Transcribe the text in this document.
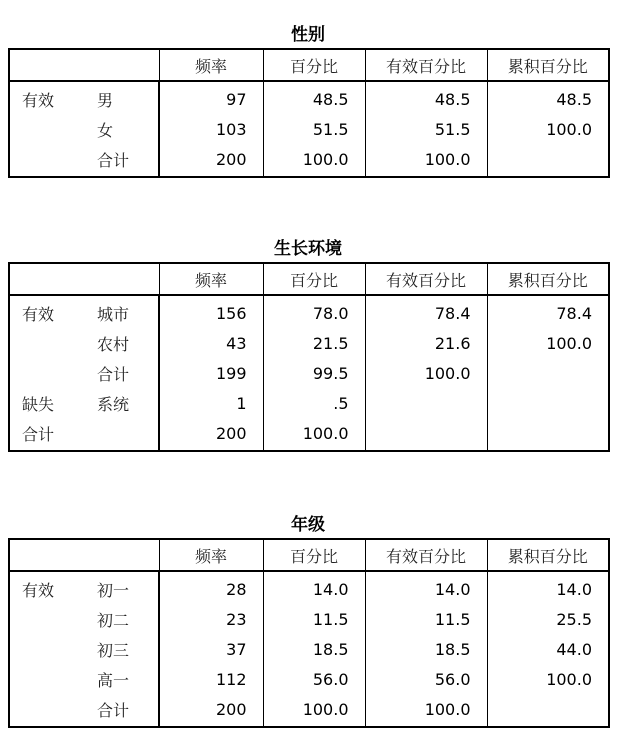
性别
		频率	百分比	有效百分比	累积百分比
有效	男	97	48.5	48.5	48.5
	女	103	51.5	51.5	100.0
	合计	200	100.0	100.0	
生长环境
		频率	百分比	有效百分比	累积百分比
有效	城市	156	78.0	78.4	78.4
	农村	43	21.5	21.6	100.0
	合计	199	99.5	100.0	
缺失	系统	1	.5		
合计		200	100.0		
年级
		频率	百分比	有效百分比	累积百分比
有效	初一	28	14.0	14.0	14.0
	初二	23	11.5	11.5	25.5
	初三	37	18.5	18.5	44.0
	高一	112	56.0	56.0	100.0
	合计	200	100.0	100.0	
